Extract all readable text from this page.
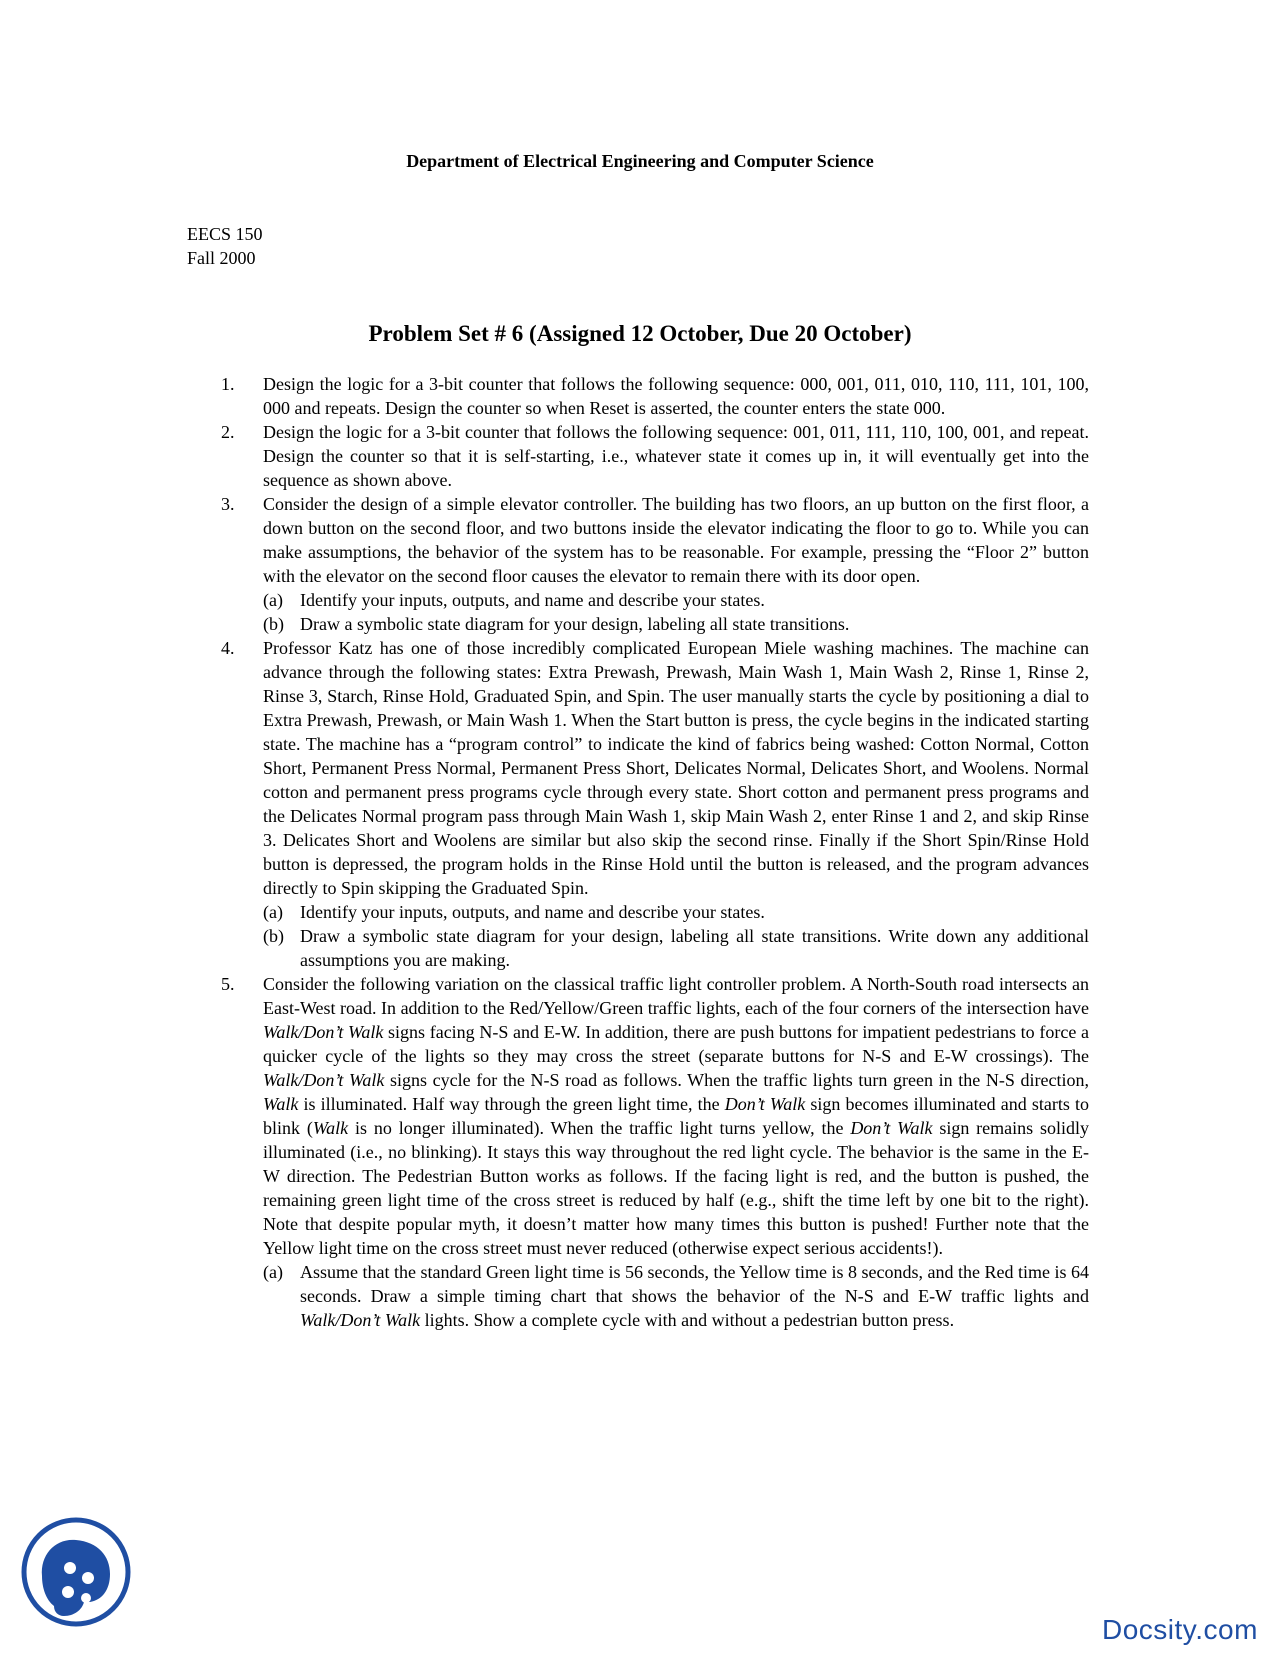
Department of Electrical Engineering and Computer Science
EECS 150
Fall 2000
Problem Set # 6 (Assigned 12 October, Due 20 October)
1. Design the logic for a 3-bit counter that follows the following sequence: 000, 001, 011, 010, 110, 111, 101, 100, 000 and repeats. Design the counter so when Reset is asserted, the counter enters the state 000.
2. Design the logic for a 3-bit counter that follows the following sequence: 001, 011, 111, 110, 100, 001, and repeat. Design the counter so that it is self-starting, i.e., whatever state it comes up in, it will eventually get into the sequence as shown above.
3. Consider the design of a simple elevator controller. The building has two floors, an up button on the first floor, a down button on the second floor, and two buttons inside the elevator indicating the floor to go to. While you can make assumptions, the behavior of the system has to be reasonable. For example, pressing the “Floor 2” button with the elevator on the second floor causes the elevator to remain there with its door open.
(a) Identify your inputs, outputs, and name and describe your states.
(b) Draw a symbolic state diagram for your design, labeling all state transitions.
4. Professor Katz has one of those incredibly complicated European Miele washing machines. The machine can advance through the following states: Extra Prewash, Prewash, Main Wash 1, Main Wash 2, Rinse 1, Rinse 2, Rinse 3, Starch, Rinse Hold, Graduated Spin, and Spin. The user manually starts the cycle by positioning a dial to Extra Prewash, Prewash, or Main Wash 1. When the Start button is press, the cycle begins in the indicated starting state. The machine has a “program control” to indicate the kind of fabrics being washed: Cotton Normal, Cotton Short, Permanent Press Normal, Permanent Press Short, Delicates Normal, Delicates Short, and Woolens. Normal cotton and permanent press programs cycle through every state. Short cotton and permanent press programs and the Delicates Normal program pass through Main Wash 1, skip Main Wash 2, enter Rinse 1 and 2, and skip Rinse 3. Delicates Short and Woolens are similar but also skip the second rinse. Finally if the Short Spin/Rinse Hold button is depressed, the program holds in the Rinse Hold until the button is released, and the program advances directly to Spin skipping the Graduated Spin.
(a) Identify your inputs, outputs, and name and describe your states.
(b) Draw a symbolic state diagram for your design, labeling all state transitions. Write down any additional assumptions you are making.
5. Consider the following variation on the classical traffic light controller problem. A North-South road intersects an East-West road. In addition to the Red/Yellow/Green traffic lights, each of the four corners of the intersection have Walk/Don’t Walk signs facing N-S and E-W. In addition, there are push buttons for impatient pedestrians to force a quicker cycle of the lights so they may cross the street (separate buttons for N-S and E-W crossings). The Walk/Don’t Walk signs cycle for the N-S road as follows. When the traffic lights turn green in the N-S direction, Walk is illuminated. Half way through the green light time, the Don’t Walk sign becomes illuminated and starts to blink (Walk is no longer illuminated). When the traffic light turns yellow, the Don’t Walk sign remains solidly illuminated (i.e., no blinking). It stays this way throughout the red light cycle. The behavior is the same in the E-W direction. The Pedestrian Button works as follows. If the facing light is red, and the button is pushed, the remaining green light time of the cross street is reduced by half (e.g., shift the time left by one bit to the right). Note that despite popular myth, it doesn’t matter how many times this button is pushed! Further note that the Yellow light time on the cross street must never reduced (otherwise expect serious accidents!).
(a) Assume that the standard Green light time is 56 seconds, the Yellow time is 8 seconds, and the Red time is 64 seconds. Draw a simple timing chart that shows the behavior of the N-S and E-W traffic lights and Walk/Don’t Walk lights. Show a complete cycle with and without a pedestrian button press.
Docsity.com
